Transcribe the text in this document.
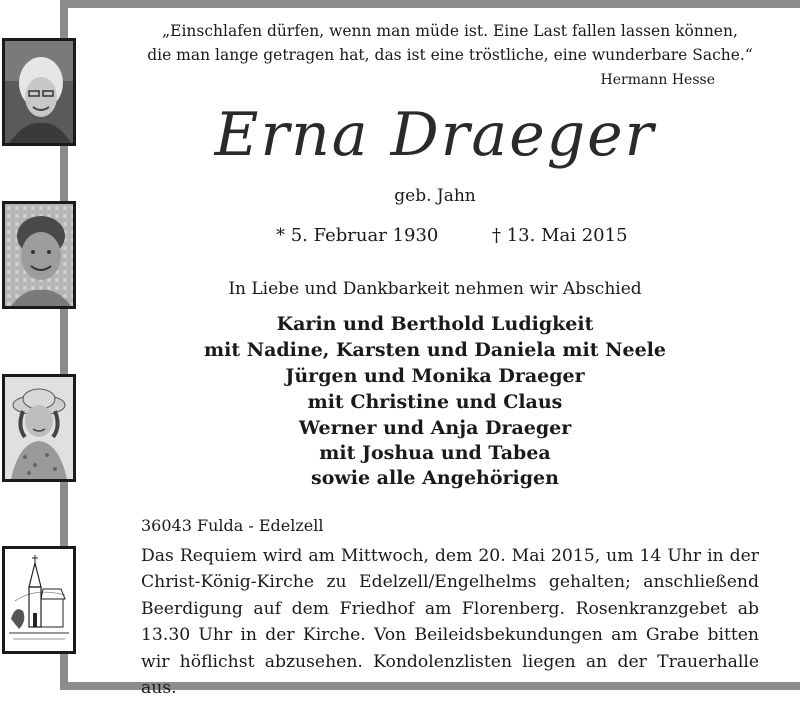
„Einschlafen dürfen, wenn man müde ist. Eine Last fallen lassen können,
die man lange getragen hat, das ist eine tröstliche, eine wunderbare Sache.“
Hermann Hesse
Erna Draeger
geb. Jahn
* 5. Februar 1930	† 13. Mai 2015
In Liebe und Dankbarkeit nehmen wir Abschied
Karin und Berthold Ludigkeit
mit Nadine, Karsten und Daniela mit Neele
Jürgen und Monika Draeger
mit Christine und Claus
Werner und Anja Draeger
mit Joshua und Tabea
sowie alle Angehörigen
36043 Fulda - Edelzell
Das Requiem wird am Mittwoch, dem 20. Mai 2015, um 14 Uhr in der Christ-König-Kirche zu Edelzell/Engelhelms gehalten; anschließend Beerdigung auf dem Friedhof am Florenberg. Rosenkranzgebet ab 13.30 Uhr in der Kirche. Von Beileidsbekundungen am Grabe bitten wir höflichst abzusehen. Kondolenzlisten liegen an der Trauerhalle aus.
